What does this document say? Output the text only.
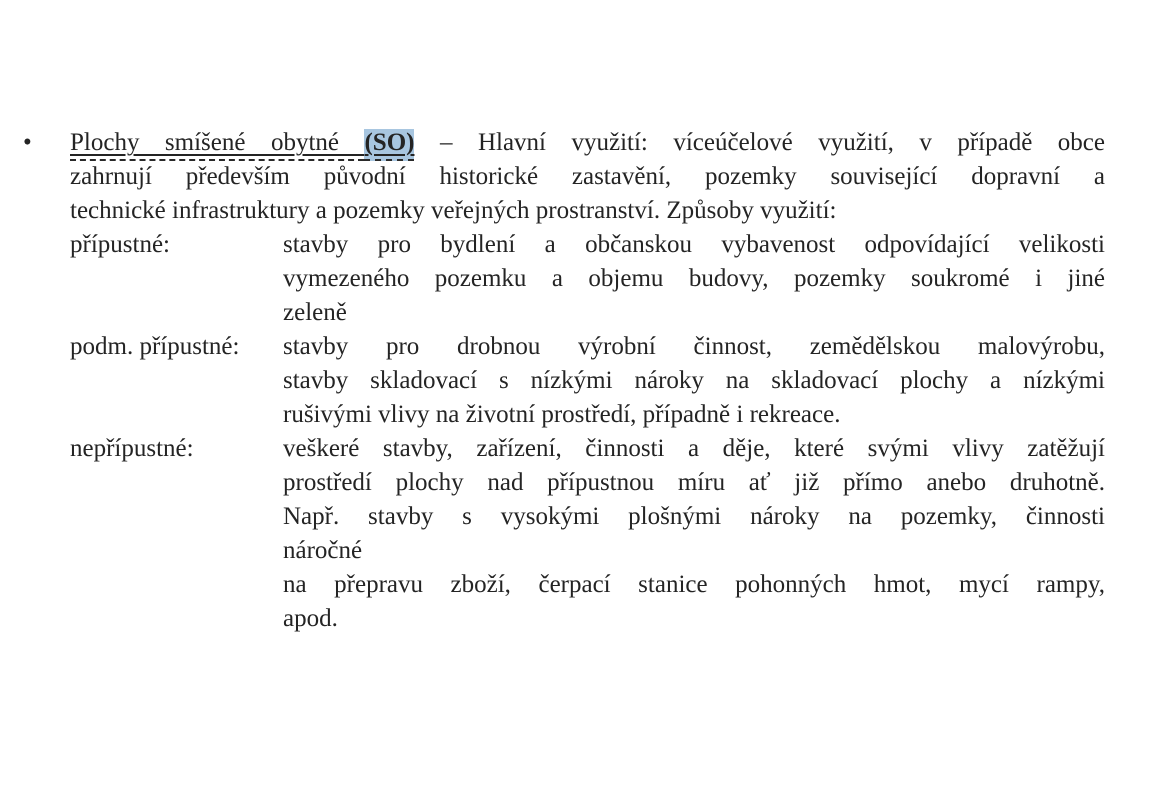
• Plochy smíšené obytné (SO) – Hlavní využití: víceúčelové využití, v případě obce
zahrnují především původní historické zastavění, pozemky související dopravní a
technické infrastruktury a pozemky veřejných prostranství. Způsoby využití:
přípustné:	stavby pro bydlení a občanskou vybavenost odpovídající velikosti
vymezeného pozemku a objemu budovy, pozemky soukromé i jiné
zeleně
podm. přípustné:	stavby pro drobnou výrobní činnost, zemědělskou malovýrobu,
stavby skladovací s nízkými nároky na skladovací plochy a nízkými
rušivými vlivy na životní prostředí, případně i rekreace.
nepřípustné:	veškeré stavby, zařízení, činnosti a děje, které svými vlivy zatěžují
prostředí plochy nad přípustnou míru ať již přímo anebo druhotně.
Např. stavby s vysokými plošnými nároky na pozemky, činnosti
náročné
na přepravu zboží, čerpací stanice pohonných hmot, mycí rampy,
apod.
